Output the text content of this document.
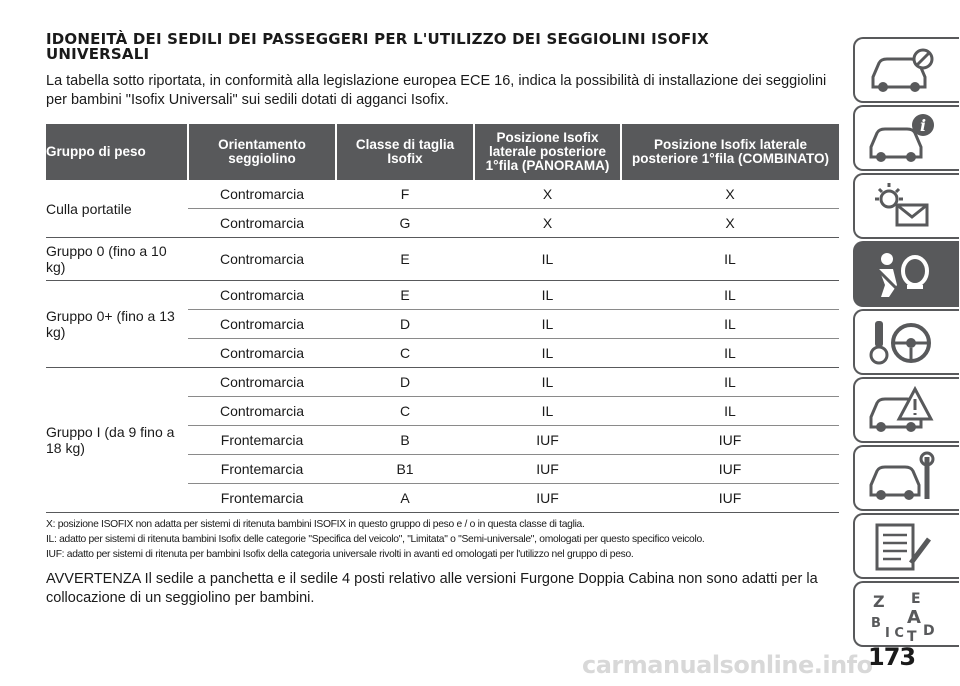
IDONEITÀ DEI SEDILI DEI PASSEGGERI PER L'UTILIZZO DEI SEGGIOLINI ISOFIX
UNIVERSALI

La tabella sotto riportata, in conformità alla legislazione europea ECE 16, indica la possibilità di installazione dei seggiolini per bambini "Isofix Universali" sui sedili dotati di agganci Isofix.

Gruppo di peso	Orientamento seggiolino	Classe di taglia Isofix	Posizione Isofix laterale posteriore 1°fila (PANORAMA)	Posizione Isofix laterale posteriore 1°fila (COMBINATO)
Culla portatile	Contromarcia	F	X	X
	Contromarcia	G	X	X
Gruppo 0 (fino a 10 kg)	Contromarcia	E	IL	IL
Gruppo 0+ (fino a 13 kg)	Contromarcia	E	IL	IL
	Contromarcia	D	IL	IL
	Contromarcia	C	IL	IL
Gruppo I (da 9 fino a 18 kg)	Contromarcia	D	IL	IL
	Contromarcia	C	IL	IL
	Frontemarcia	B	IUF	IUF
	Frontemarcia	B1	IUF	IUF
	Frontemarcia	A	IUF	IUF

X: posizione ISOFIX non adatta per sistemi di ritenuta bambini ISOFIX in questo gruppo di peso e / o in questa classe di taglia.

IL: adatto per sistemi di ritenuta bambini Isofix delle categorie "Specifica del veicolo", "Limitata" o "Semi-universale", omologati per questo specifico veicolo.

IUF: adatto per sistemi di ritenuta per bambini Isofix della categoria universale rivolti in avanti ed omologati per l'utilizzo nel gruppo di peso.

AVVERTENZA Il sedile a panchetta e il sedile 4 posti relativo alle versioni Furgone Doppia Cabina non sono adatti per la collocazione di un seggiolino per bambini.

i
Z E
B A
I C T D
carmanualsonline.info
173
